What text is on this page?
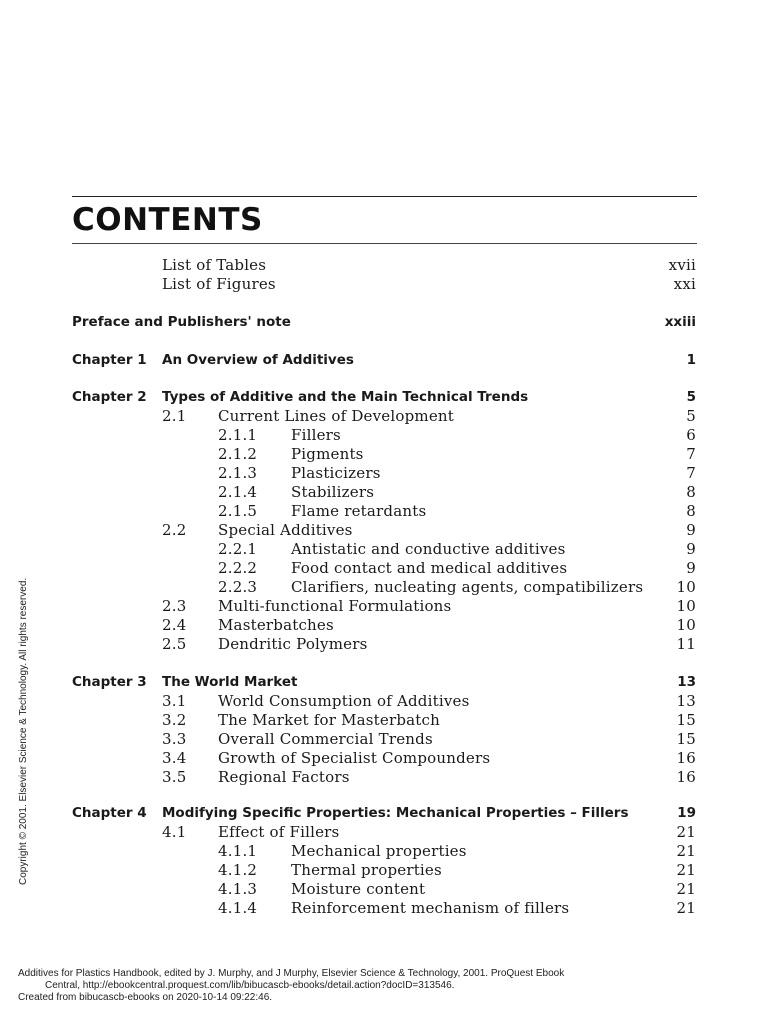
CONTENTS
List of Tables	xvii
List of Figures	xxi
Preface and Publishers' note	xxiii
Chapter 1 An Overview of Additives	1
Chapter 2 Types of Additive and the Main Technical Trends	5
2.1 Current Lines of Development	5
2.1.1 Fillers	6
2.1.2 Pigments	7
2.1.3 Plasticizers	7
2.1.4 Stabilizers	8
2.1.5 Flame retardants	8
2.2 Special Additives	9
2.2.1 Antistatic and conductive additives	9
2.2.2 Food contact and medical additives	9
2.2.3 Clarifiers, nucleating agents, compatibilizers 10
2.3 Multi-functional Formulations	10
2.4 Masterbatches	10
2.5 Dendritic Polymers	11
Chapter 3 The World Market	13
3.1 World Consumption of Additives	13
3.2 The Market for Masterbatch	15
3.3 Overall Commercial Trends	15
3.4 Growth of Specialist Compounders	16
3.5 Regional Factors	16
Chapter 4 Modifying Specific Properties: Mechanical Properties – Fillers	19
4.1 Effect of Fillers	21
4.1.1 Mechanical properties	21
4.1.2 Thermal properties	21
4.1.3 Moisture content	21
4.1.4 Reinforcement mechanism of fillers	21
Copyright © 2001. Elsevier Science & Technology. All rights reserved.
Additives for Plastics Handbook, edited by J. Murphy, and J Murphy, Elsevier Science & Technology, 2001. ProQuest Ebook
Central, http://ebookcentral.proquest.com/lib/bibucascb-ebooks/detail.action?docID=313546.
Created from bibucascb-ebooks on 2020-10-14 09:22:46.
